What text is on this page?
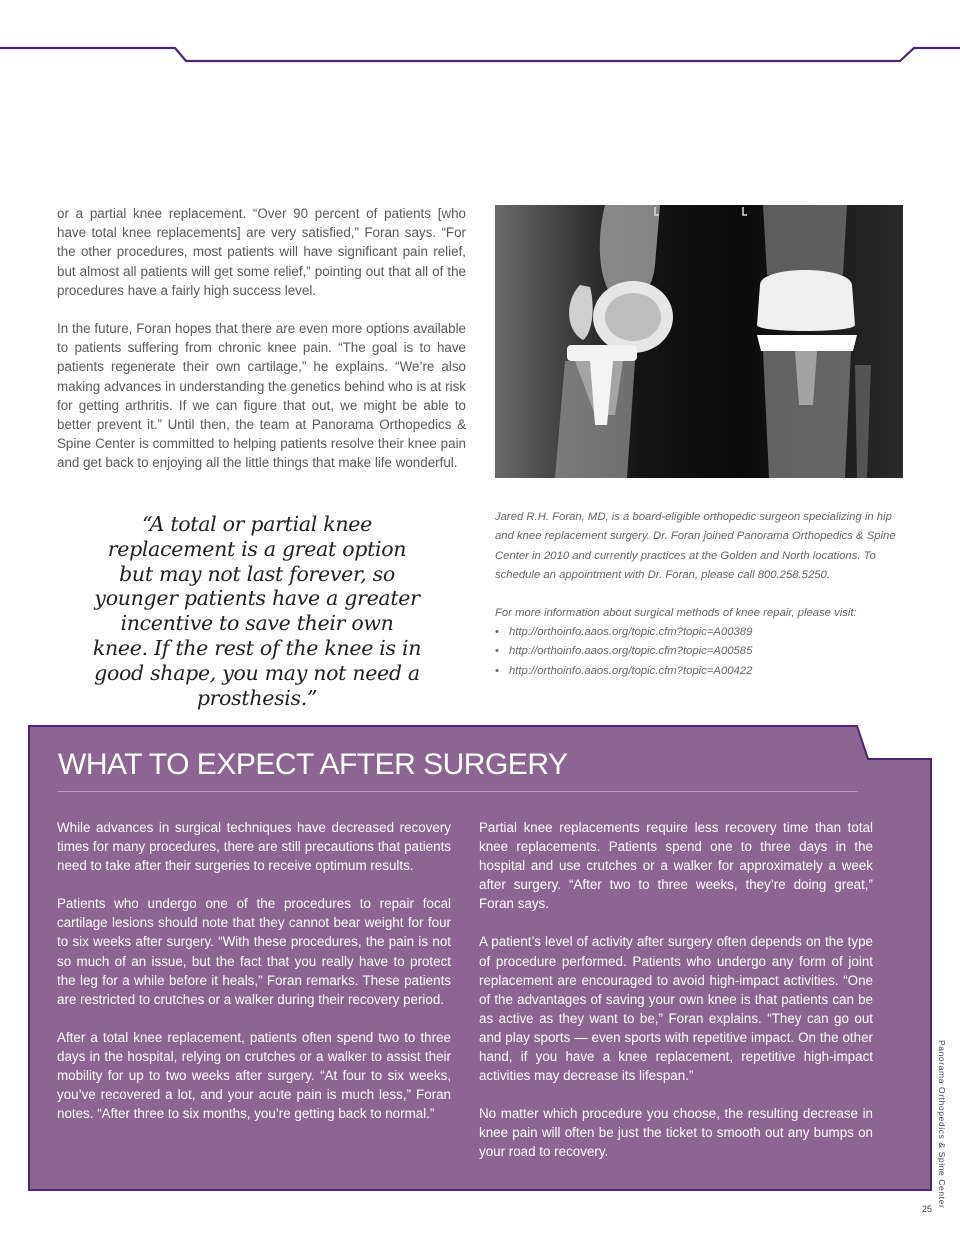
or a partial knee replacement. “Over 90 percent of patients [who have total knee replacements] are very satisfied,” Foran says. “For the other procedures, most patients will have significant pain relief, but almost all patients will get some relief,” pointing out that all of the procedures have a fairly high success level.

In the future, Foran hopes that there are even more options available to patients suffering from chronic knee pain. “The goal is to have patients regenerate their own cartilage,” he explains. “We’re also making advances in understanding the genetics behind who is at risk for getting arthritis. If we can figure that out, we might be able to better prevent it.” Until then, the team at Panorama Orthopedics & Spine Center is committed to helping patients resolve their knee pain and get back to enjoying all the little things that make life wonderful.

“A total or partial knee replacement is a great option but may not last forever, so younger patients have a greater incentive to save their own knee. If the rest of the knee is in good shape, you may not need a prosthesis.”

Jared R.H. Foran, MD, is a board-eligible orthopedic surgeon specializing in hip and knee replacement surgery. Dr. Foran joined Panorama Orthopedics & Spine Center in 2010 and currently practices at the Golden and North locations. To schedule an appointment with Dr. Foran, please call 800.258.5250.

For more information about surgical methods of knee repair, please visit:
• http://orthoinfo.aaos.org/topic.cfm?topic=A00389
• http://orthoinfo.aaos.org/topic.cfm?topic=A00585
• http://orthoinfo.aaos.org/topic.cfm?topic=A00422
WHAT TO EXPECT AFTER SURGERY

While advances in surgical techniques have decreased recovery times for many procedures, there are still precautions that patients need to take after their surgeries to receive optimum results.

Patients who undergo one of the procedures to repair focal cartilage lesions should note that they cannot bear weight for four to six weeks after surgery. “With these procedures, the pain is not so much of an issue, but the fact that you really have to protect the leg for a while before it heals,” Foran remarks. These patients are restricted to crutches or a walker during their recovery period.

After a total knee replacement, patients often spend two to three days in the hospital, relying on crutches or a walker to assist their mobility for up to two weeks after surgery. “At four to six weeks, you’ve recovered a lot, and your acute pain is much less,” Foran notes. “After three to six months, you’re getting back to normal.”

Partial knee replacements require less recovery time than total knee replacements. Patients spend one to three days in the hospital and use crutches or a walker for approximately a week after surgery. “After two to three weeks, they’re doing great,” Foran says.

A patient’s level of activity after surgery often depends on the type of procedure performed. Patients who undergo any form of joint replacement are encouraged to avoid high-impact activities. “One of the advantages of saving your own knee is that patients can be as active as they want to be,” Foran explains. “They can go out and play sports — even sports with repetitive impact. On the other hand, if you have a knee replacement, repetitive high-impact activities may decrease its lifespan.”

No matter which procedure you choose, the resulting decrease in knee pain will often be just the ticket to smooth out any bumps on your road to recovery.	Panorama Orthopedics & Spine Center
25
